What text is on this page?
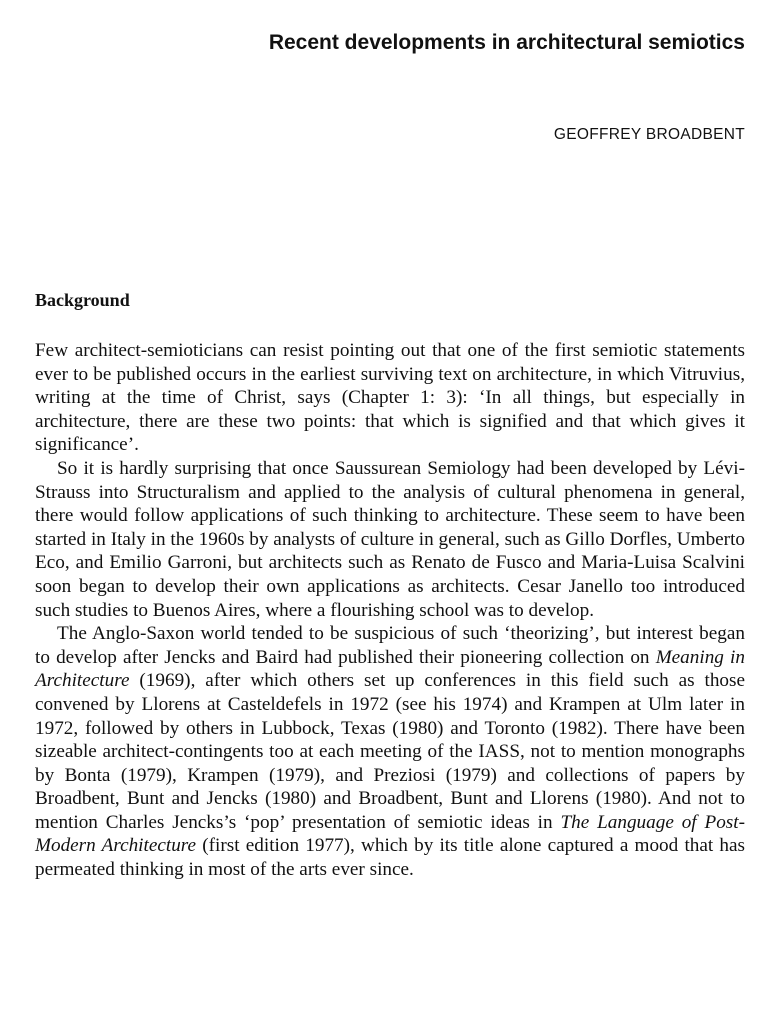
Recent developments in architectural semiotics
GEOFFREY BROADBENT
Background

Few architect-semioticians can resist pointing out that one of the first semiotic statements ever to be published occurs in the earliest surviving text on architecture, in which Vitruvius, writing at the time of Christ, says (Chapter 1: 3): ‘In all things, but especially in architecture, there are these two points: that which is signified and that which gives it significance’.

So it is hardly surprising that once Saussurean Semiology had been developed by Lévi-Strauss into Structuralism and applied to the analysis of cultural phenomena in general, there would follow applications of such thinking to architecture. These seem to have been started in Italy in the 1960s by analysts of culture in general, such as Gillo Dorfles, Umberto Eco, and Emilio Garroni, but architects such as Renato de Fusco and Maria-Luisa Scalvini soon began to develop their own applications as architects. Cesar Janello too introduced such studies to Buenos Aires, where a flourishing school was to develop.

The Anglo-Saxon world tended to be suspicious of such ‘theorizing’, but interest began to develop after Jencks and Baird had published their pioneering collection on Meaning in Architecture (1969), after which others set up conferences in this field such as those convened by Llorens at Casteldefels in 1972 (see his 1974) and Krampen at Ulm later in 1972, followed by others in Lubbock, Texas (1980) and Toronto (1982). There have been sizeable architect-contingents too at each meeting of the IASS, not to mention monographs by Bonta (1979), Krampen (1979), and Preziosi (1979) and collections of papers by Broadbent, Bunt and Jencks (1980) and Broadbent, Bunt and Llorens (1980). And not to mention Charles Jencks’s ‘pop’ presentation of semiotic ideas in The Language of Post-Modern Architecture (first edition 1977), which by its title alone captured a mood that has permeated thinking in most of the arts ever since.
